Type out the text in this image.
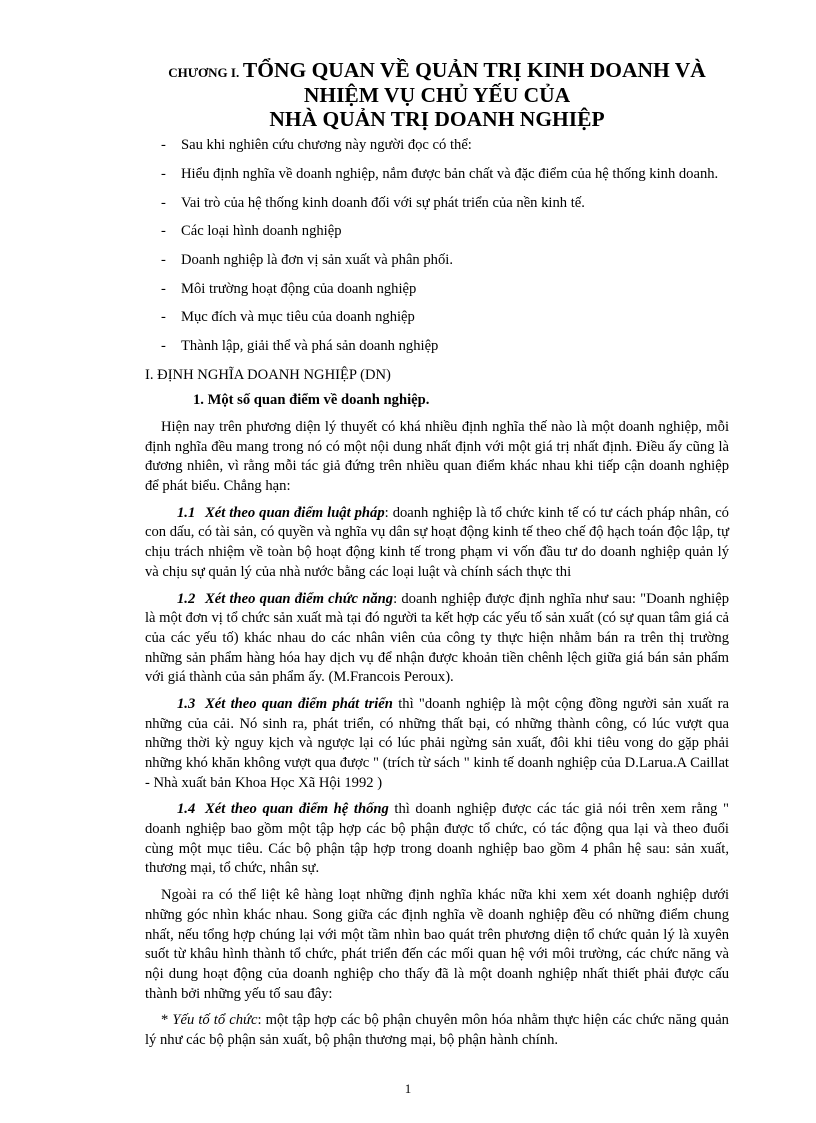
CHƯƠNG I. TỔNG QUAN VỀ QUẢN TRỊ KINH DOANH VÀ
NHIỆM VỤ CHỦ YẾU CỦA
NHÀ QUẢN TRỊ DOANH NGHIỆP
- Sau khi nghiên cứu chương này người đọc có thể:
- Hiểu định nghĩa về doanh nghiệp, nắm được bản chất và đặc điểm của hệ thống kinh doanh.
- Vai trò của hệ thống kinh doanh đối với sự phát triển của nền kinh tế.
- Các loại hình doanh nghiệp
- Doanh nghiệp là đơn vị sản xuất và phân phối.
- Môi trường hoạt động của doanh nghiệp
- Mục đích và mục tiêu của doanh nghiệp
- Thành lập, giải thể và phá sản doanh nghiệp
I. ĐỊNH NGHĨA DOANH NGHIỆP (DN)
1. Một số quan điểm về doanh nghiệp.

Hiện nay trên phương diện lý thuyết có khá nhiều định nghĩa thế nào là một doanh nghiệp, mỗi định nghĩa đều mang trong nó có một nội dung nhất định với một giá trị nhất định. Điều ấy cũng là đương nhiên, vì rằng mỗi tác giả đứng trên nhiều quan điểm khác nhau khi tiếp cận doanh nghiệp để phát biểu. Chẳng hạn:

1.1 Xét theo quan điểm luật pháp: doanh nghiệp là tổ chức kinh tế có tư cách pháp nhân, có con dấu, có tài sản, có quyền và nghĩa vụ dân sự hoạt động kinh tế theo chế độ hạch toán độc lập, tự chịu trách nhiệm về toàn bộ hoạt động kinh tế trong phạm vi vốn đầu tư do doanh nghiệp quản lý và chịu sự quản lý của nhà nước bằng các loại luật và chính sách thực thi

1.2 Xét theo quan điểm chức năng: doanh nghiệp được định nghĩa như sau: "Doanh nghiệp là một đơn vị tổ chức sản xuất mà tại đó người ta kết hợp các yếu tố sản xuất (có sự quan tâm giá cả của các yếu tố) khác nhau do các nhân viên của công ty thực hiện nhằm bán ra trên thị trường những sản phẩm hàng hóa hay dịch vụ để nhận được khoản tiền chênh lệch giữa giá bán sản phẩm với giá thành của sản phẩm ấy. (M.Francois Peroux).

1.3 Xét theo quan điểm phát triển thì "doanh nghiệp là một cộng đồng người sản xuất ra những của cải. Nó sinh ra, phát triển, có những thất bại, có những thành công, có lúc vượt qua những thời kỳ nguy kịch và ngược lại có lúc phải ngừng sản xuất, đôi khi tiêu vong do gặp phải những khó khăn không vượt qua được " (trích từ sách " kinh tế doanh nghiệp của D.Larua.A Caillat - Nhà xuất bản Khoa Học Xã Hội 1992 )

1.4 Xét theo quan điểm hệ thống thì doanh nghiệp được các tác giả nói trên xem rằng " doanh nghiệp bao gồm một tập hợp các bộ phận được tổ chức, có tác động qua lại và theo đuổi cùng một mục tiêu. Các bộ phận tập hợp trong doanh nghiệp bao gồm 4 phân hệ sau: sản xuất, thương mại, tổ chức, nhân sự.

Ngoài ra có thể liệt kê hàng loạt những định nghĩa khác nữa khi xem xét doanh nghiệp dưới những góc nhìn khác nhau. Song giữa các định nghĩa về doanh nghiệp đều có những điểm chung nhất, nếu tổng hợp chúng lại với một tầm nhìn bao quát trên phương diện tổ chức quản lý là xuyên suốt từ khâu hình thành tổ chức, phát triển đến các mối quan hệ với môi trường, các chức năng và nội dung hoạt động của doanh nghiệp cho thấy đã là một doanh nghiệp nhất thiết phải được cấu thành bởi những yếu tố sau đây:

* Yếu tố tổ chức: một tập hợp các bộ phận chuyên môn hóa nhằm thực hiện các chức năng quản lý như các bộ phận sản xuất, bộ phận thương mại, bộ phận hành chính.

1
